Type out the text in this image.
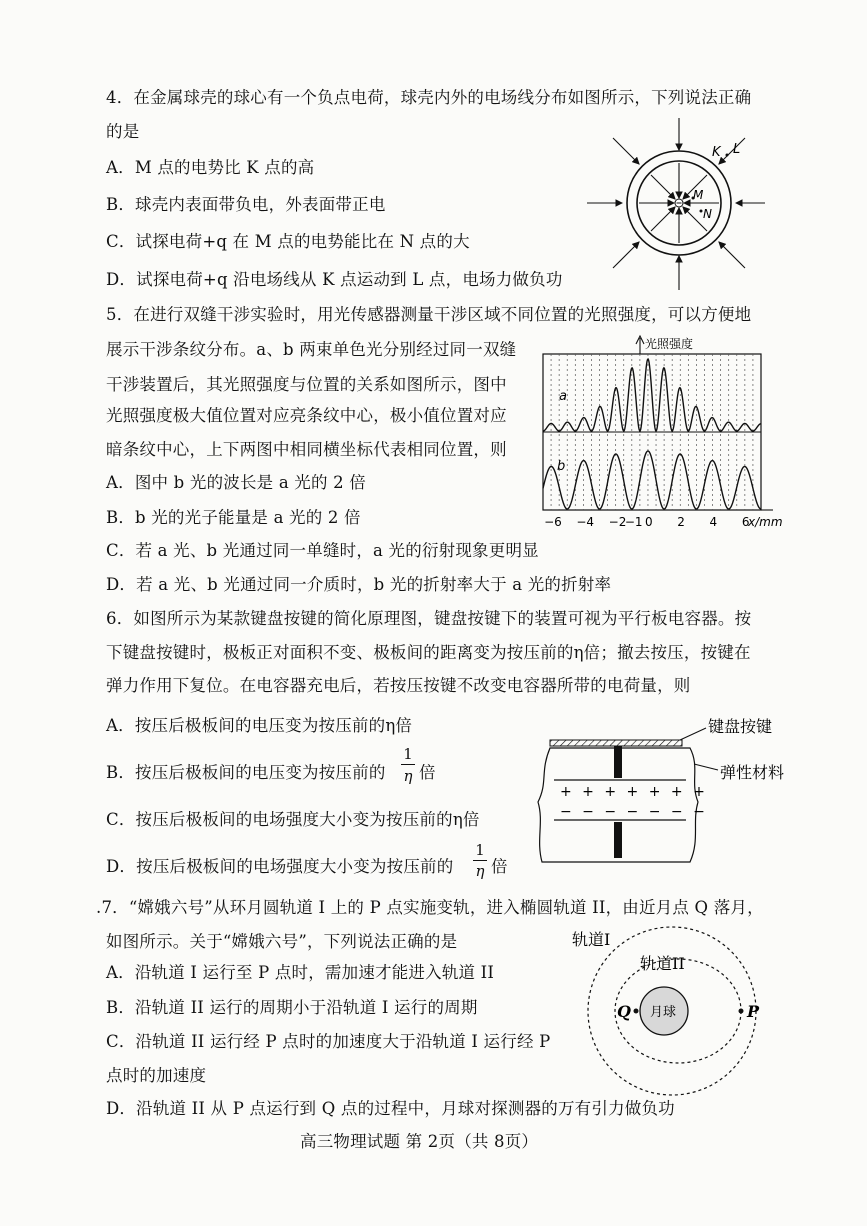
4．在金属球壳的球心有一个负点电荷，球壳内外的电场线分布如图所示，下列说法正确
的是
A．M 点的电势比 K 点的高
B．球壳内表面带负电，外表面带正电
C．试探电荷+q 在 M 点的电势能比在 N 点的大
D．试探电荷+q 沿电场线从 K 点运动到 L 点，电场力做负功
K L
M
N
5．在进行双缝干涉实验时，用光传感器测量干涉区域不同位置的光照强度，可以方便地
展示干涉条纹分布。a、b 两束单色光分别经过同一双缝
干涉装置后，其光照强度与位置的关系如图所示，图中
光照强度极大值位置对应亮条纹中心，极小值位置对应
暗条纹中心，上下两图中相同横坐标代表相同位置，则
A．图中 b 光的波长是 a 光的 2 倍
B．b 光的光子能量是 a 光的 2 倍
C．若 a 光、b 光通过同一单缝时，a 光的衍射现象更明显
D．若 a 光、b 光通过同一介质时，b 光的折射率大于 a 光的折射率
−6 −4 −2
−1 0 2 4 6
光照强度
x/mm
a
b
6．如图所示为某款键盘按键的简化原理图，键盘按键下的装置可视为平行板电容器。按
下键盘按键时，极板正对面积不变、极板间的距离变为按压前的η倍；撤去按压，按键在
弹力作用下复位。在电容器充电后，若按压按键不改变电容器所带的电荷量，则
A．按压后极板间的电压变为按压前的η倍
B．按压后极板间的电压变为按压前的
1
η 倍
C．按压后极板间的电场强度大小变为按压前的η倍
D．按压后极板间的电场强度大小变为按压前的
1
η 倍
+ + + + + + +
− − − − − − −
键盘按键
弹性材料
.7．“嫦娥六号”从环月圆轨道 I 上的 P 点实施变轨，进入椭圆轨道 II，由近月点 Q 落月，
如图所示。关于“嫦娥六号”，下列说法正确的是
A．沿轨道 I 运行至 P 点时，需加速才能进入轨道 II
B．沿轨道 II 运行的周期小于沿轨道 I 运行的周期
C．沿轨道 II 运行经 P 点时的加速度大于沿轨道 I 运行经 P
点时的加速度
D．沿轨道 II 从 P 点运行到 Q 点的过程中，月球对探测器的万有引力做负功
轨道I
轨道II
月球
Q	P
高三物理试题 第 2页（共 8页）
